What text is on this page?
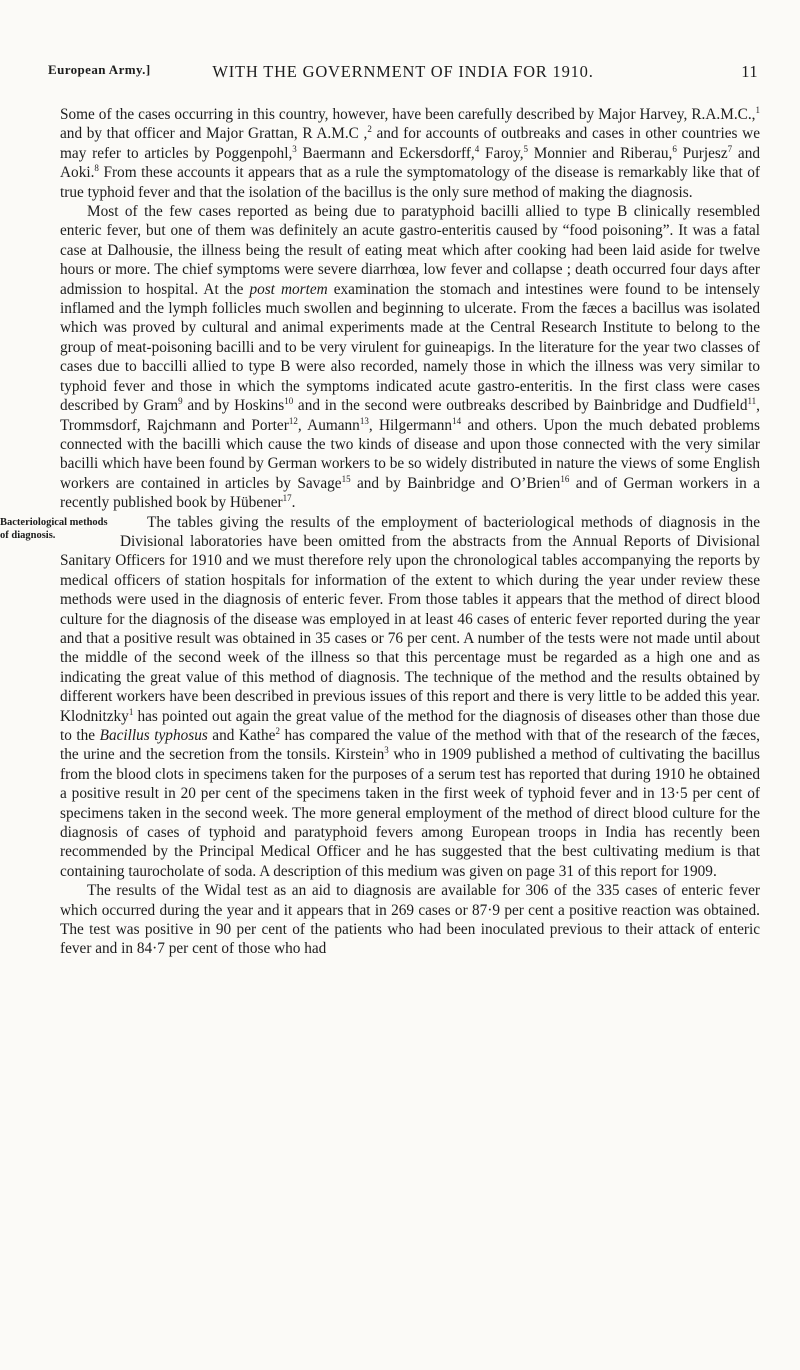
European Army.]	WITH THE GOVERNMENT OF INDIA FOR 1910.	11

Some of the cases occurring in this country, however, have been carefully described by Major Harvey, R.A.M.C.,$^1$ and by that officer and Major Grattan, R A.M.C ,$^2$ and for accounts of outbreaks and cases in other countries we may refer to articles by Poggenpohl,$^3$ Baermann and Eckersdorff,$^4$ Faroy,$^5$ Monnier and Riberau,$^6$ Purjesz$^7$ and Aoki.$^8$ From these accounts it appears that as a rule the symptomatology of the disease is remarkably like that of true typhoid fever and that the isolation of the bacillus is the only sure method of making the diagnosis.

Most of the few cases reported as being due to paratyphoid bacilli allied to type B clinically resembled enteric fever, but one of them was definitely an acute gastro-enteritis caused by “food poisoning”. It was a fatal case at Dalhousie, the illness being the result of eating meat which after cooking had been laid aside for twelve hours or more. The chief symptoms were severe diarrhœa, low fever and collapse ; death occurred four days after admission to hospital. At the post mortem examination the stomach and intestines were found to be intensely inflamed and the lymph follicles much swollen and beginning to ulcerate. From the fæces a bacillus was isolated which was proved by cultural and animal experiments made at the Central Research Institute to belong to the group of meat-poisoning bacilli and to be very virulent for guineapigs. In the literature for the year two classes of cases due to baccilli allied to type B were also recorded, namely those in which the illness was very similar to typhoid fever and those in which the symptoms indicated acute gastro-enteritis. In the first class were cases described by Gram$^9$ and by Hoskins$^{10}$ and in the second were outbreaks described by Bainbridge and Dudfield$^{11}$, Trommsdorf, Rajchmann and Porter$^{12}$, Aumann$^{13}$, Hilgermann$^{14}$ and others. Upon the much debated problems connected with the bacilli which cause the two kinds of disease and upon those connected with the very similar bacilli which have been found by German workers to be so widely distributed in nature the views of some English workers are contained in articles by Savage$^{15}$ and by Bainbridge and O’Brien$^{16}$ and of German workers in a recently published book by Hübener$^{17}$.

Bacteriological methods of diagnosis.
The tables giving the results of the employment of bacteriological methods of diagnosis in the Divisional laboratories have been omitted from the abstracts from the Annual Reports of Divisional Sanitary Officers for 1910 and we must therefore rely upon the chronological tables accompanying the reports by medical officers of station hospitals for information of the extent to which during the year under review these methods were used in the diagnosis of enteric fever. From those tables it appears that the method of direct blood culture for the diagnosis of the disease was employed in at least 46 cases of enteric fever reported during the year and that a positive result was obtained in 35 cases or 76 per cent. A number of the tests were not made until about the middle of the second week of the illness so that this percentage must be regarded as a high one and as indicating the great value of this method of diagnosis. The technique of the method and the results obtained by different workers have been described in previous issues of this report and there is very little to be added this year. Klodnitzky$^1$ has pointed out again the great value of the method for the diagnosis of diseases other than those due to the Bacillus typhosus and Kathe$^2$ has compared the value of the method with that of the research of the fæces, the urine and the secretion from the tonsils. Kirstein$^3$ who in 1909 published a method of cultivating the bacillus from the blood clots in specimens taken for the purposes of a serum test has reported that during 1910 he obtained a positive result in 20 per cent of the specimens taken in the first week of typhoid fever and in 13·5 per cent of specimens taken in the second week. The more general employment of the method of direct blood culture for the diagnosis of cases of typhoid and paratyphoid fevers among European troops in India has recently been recommended by the Principal Medical Officer and he has suggested that the best cultivating medium is that containing taurocholate of soda. A description of this medium was given on page 31 of this report for 1909.

The results of the Widal test as an aid to diagnosis are available for 306 of the 335 cases of enteric fever which occurred during the year and it appears that in 269 cases or 87·9 per cent a positive reaction was obtained. The test was positive in 90 per cent of the patients who had been inoculated previous to their attack of enteric fever and in 84·7 per cent of those who had
